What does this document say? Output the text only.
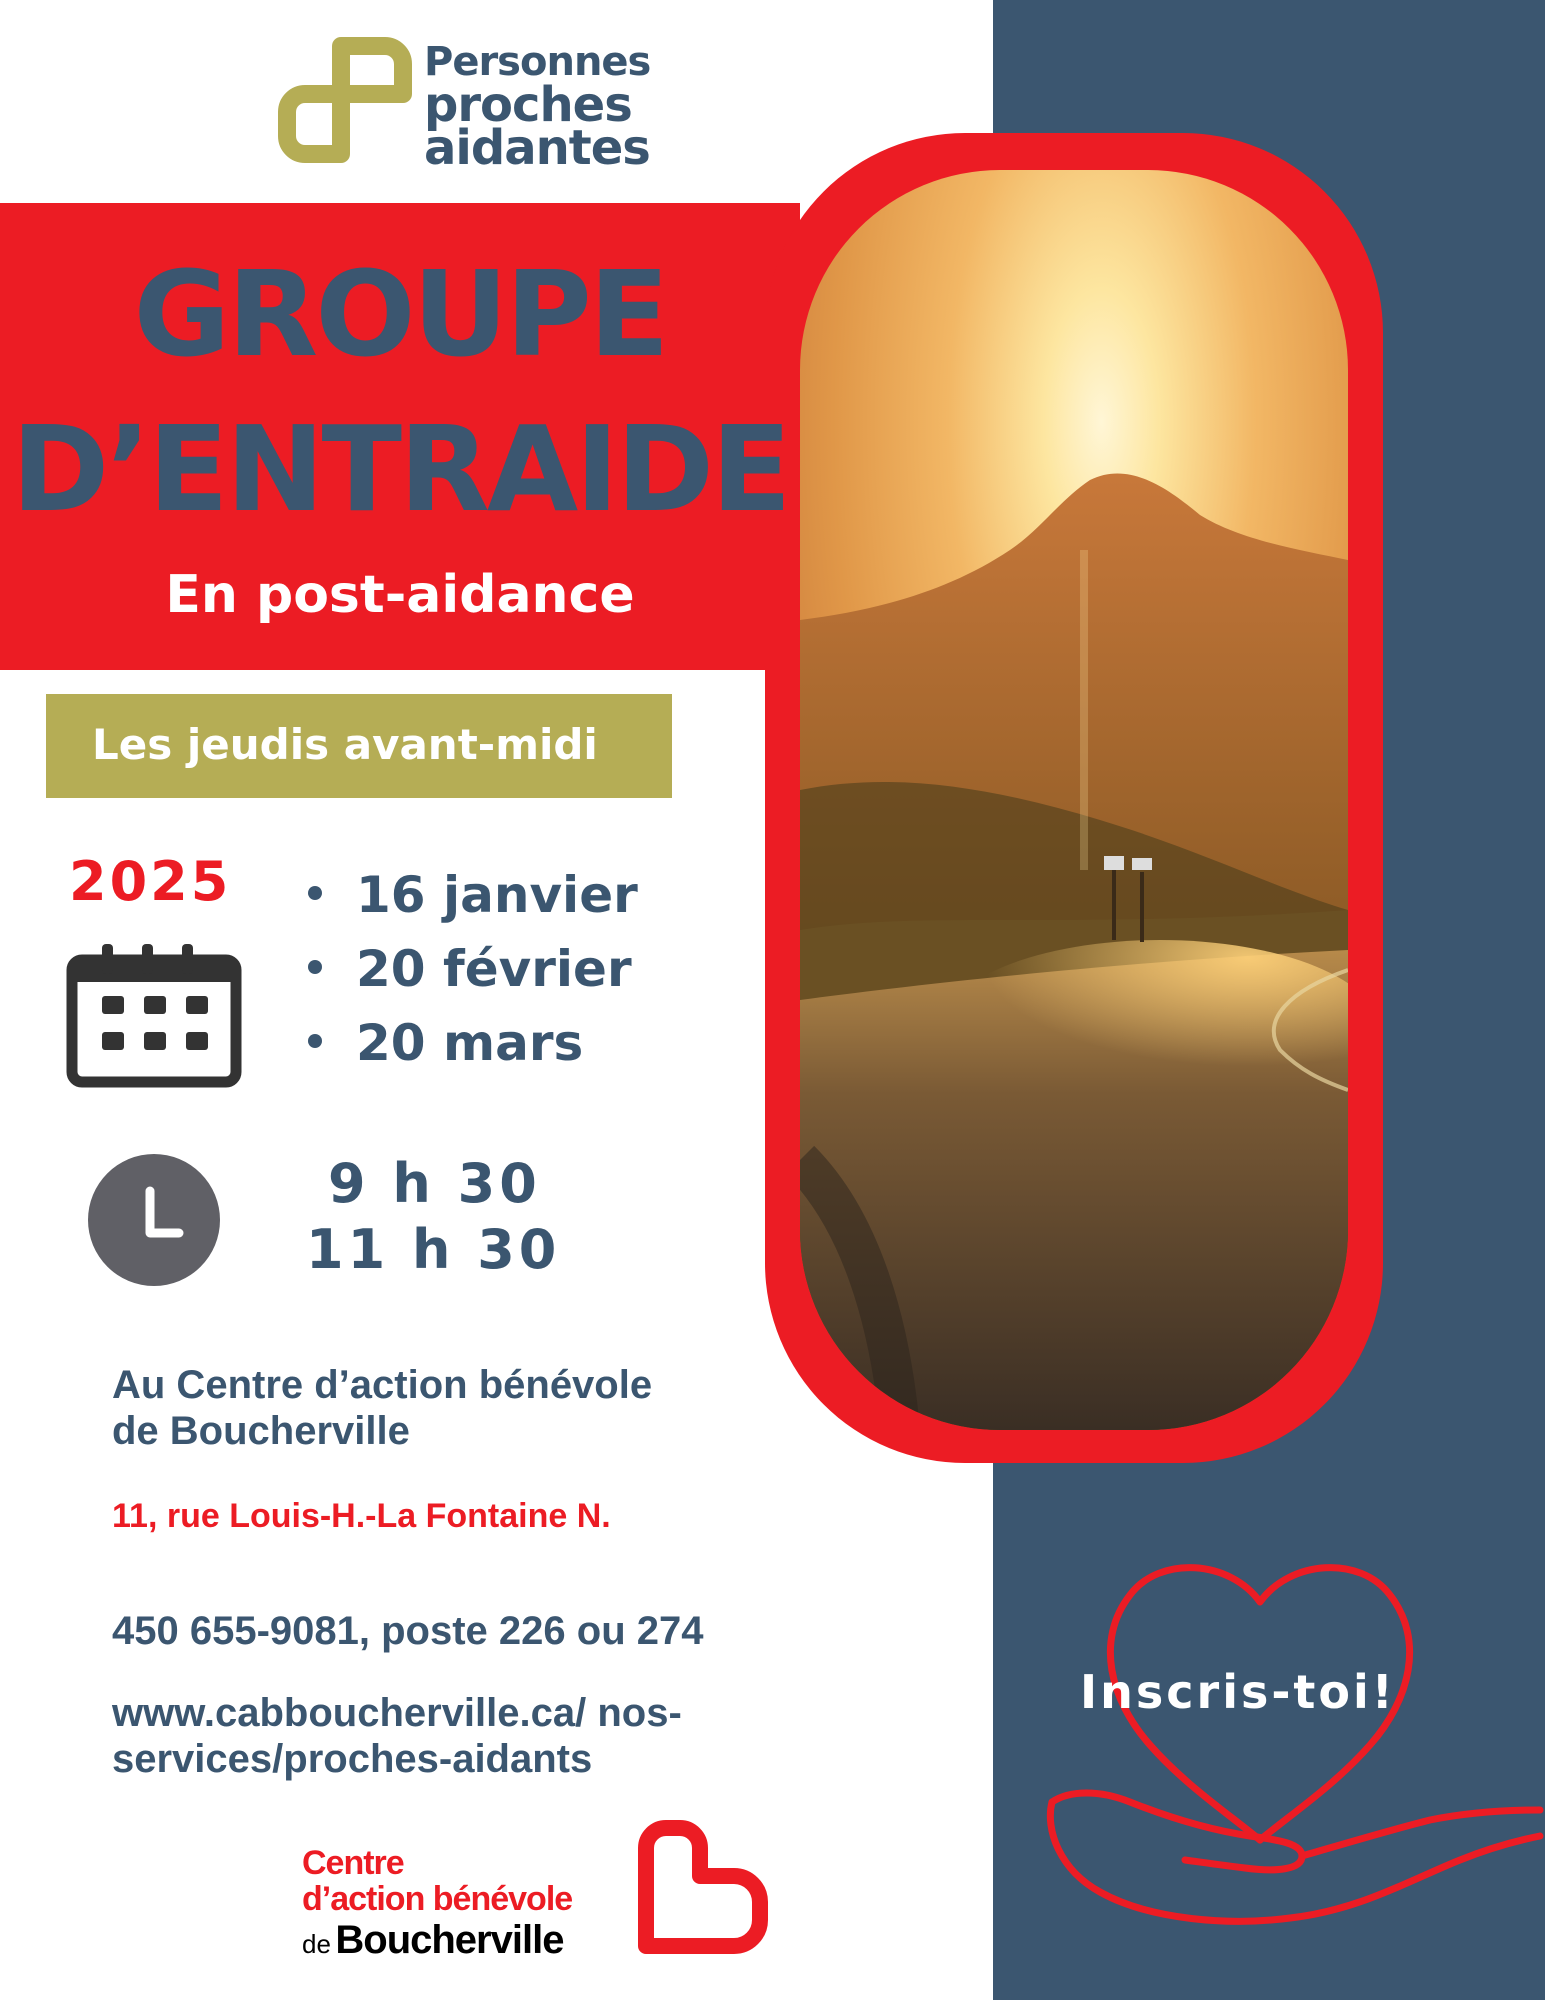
Personnes
proches
aidantes
GROUPE
D’ENTRAIDE
En post-aidance
Les jeudis avant-midi
2025	16 janvier
20 février
20 mars
9 h 30
11 h 30
Au Centre d’action bénévole
de Boucherville
11, rue Louis-H.-La Fontaine N.
450 655-9081, poste 226 ou 274
www.cabboucherville.ca/ nos-
services/proches-aidants
Inscris-toi!
Centre
d’action bénévole
de Boucherville
